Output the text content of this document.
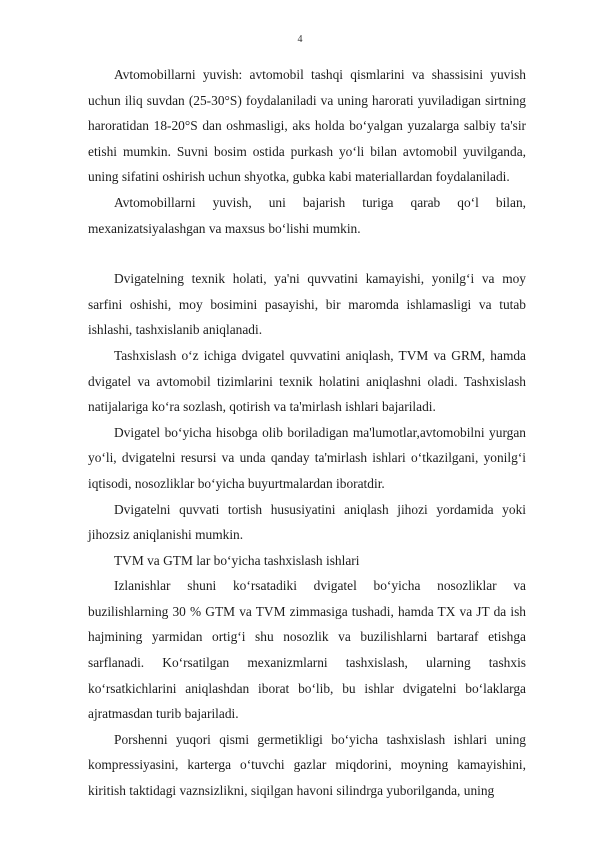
4

Avtomobillarni yuvish: avtomobil tashqi qismlarini va shassisini yuvish uchun iliq suvdan (25-30°S) foydalaniladi va uning harorati yuviladigan sirtning haroratidan 18-20°S dan oshmasligi, aks holda bo‘yalgan yuzalarga salbiy ta'sir etishi mumkin. Suvni bosim ostida purkash yo‘li bilan avtomobil yuvilganda, uning sifatini oshirish uchun shyotka, gubka kabi materiallardan foydalaniladi.

Avtomobillarni yuvish, uni bajarish turiga qarab qo‘l bilan, mexanizatsiyalashgan va maxsus bo‘lishi mumkin.

Dvigatelning texnik holati, ya'ni quvvatini kamayishi, yonilg‘i va moy sarfini oshishi, moy bosimini pasayishi, bir maromda ishlamasligi va tutab ishlashi, tashxislanib aniqlanadi.

Tashxislash o‘z ichiga dvigatel quvvatini aniqlash, TVM va GRM, hamda dvigatel va avtomobil tizimlarini texnik holatini aniqlashni oladi. Tashxislash natijalariga ko‘ra sozlash, qotirish va ta'mirlash ishlari bajariladi.

Dvigatel bo‘yicha hisobga olib boriladigan ma'lumotlar,avtomobilni yurgan yo‘li, dvigatelni resursi va unda qanday ta'mirlash ishlari o‘tkazilgani, yonilg‘i iqtisodi, nosozliklar bo‘yicha buyurtmalardan iboratdir.

Dvigatelni quvvati tortish hususiyatini aniqlash jihozi yordamida yoki jihozsiz aniqlanishi mumkin.

TVM va GTM lar bo‘yicha tashxislash ishlari

Izlanishlar shuni ko‘rsatadiki dvigatel bo‘yicha nosozliklar va buzilishlarning 30 % GTM va TVM zimmasiga tushadi, hamda TX va JT da ish hajmining yarmidan ortig‘i shu nosozlik va buzilishlarni bartaraf etishga sarflanadi. Ko‘rsatilgan mexanizmlarni tashxislash, ularning tashxis ko‘rsatkichlarini aniqlashdan iborat bo‘lib, bu ishlar dvigatelni bo‘laklarga ajratmasdan turib bajariladi.

Porshenni yuqori qismi germetikligi bo‘yicha tashxislash ishlari uning kompressiyasini, karterga o‘tuvchi gazlar miqdorini, moyning kamayishini, kiritish taktidagi vaznsizlikni, siqilgan havoni silindrga yuborilganda, uning
